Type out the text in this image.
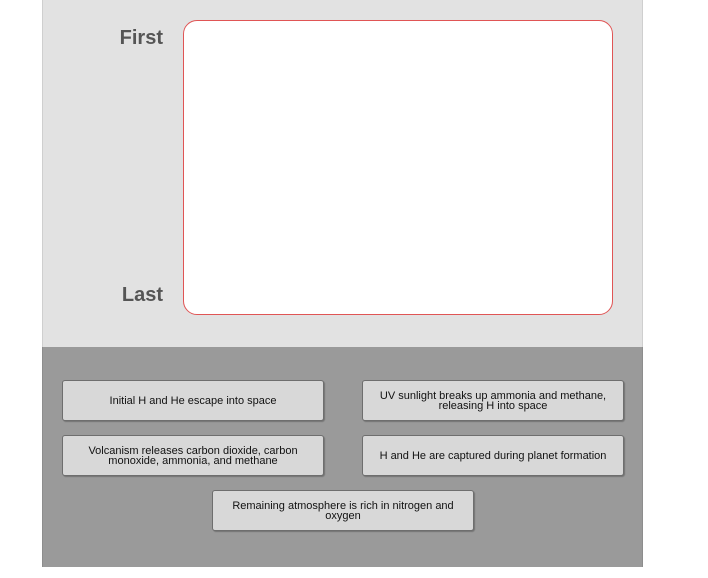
First
Last
Initial H and He escape into space	UV sunlight breaks up ammonia and methane, releasing H into space
Volcanism releases carbon dioxide, carbon monoxide, ammonia, and methane	H and He are captured during planet formation
Remaining atmosphere is rich in nitrogen and oxygen
